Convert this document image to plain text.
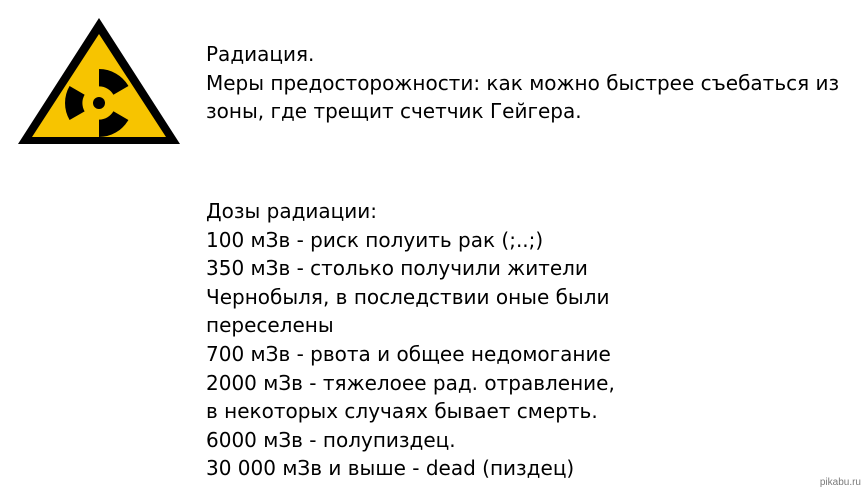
Радиация.
Меры предосторожности: как можно быстрее съебаться из
зоны, где трещит счетчик Гейгера.
Дозы радиации:
100 мЗв - риск полуить рак (;..;)
350 мЗв - столько получили жители
Чернобыля, в последствии оные были
переселены
700 мЗв - рвота и общее недомогание
2000 мЗв - тяжелоее рад. отравление,
в некоторых случаях бывает смерть.
6000 мЗв - полупиздец.
30 000 мЗв и выше - dead (пиздец)
pikabu.ru
